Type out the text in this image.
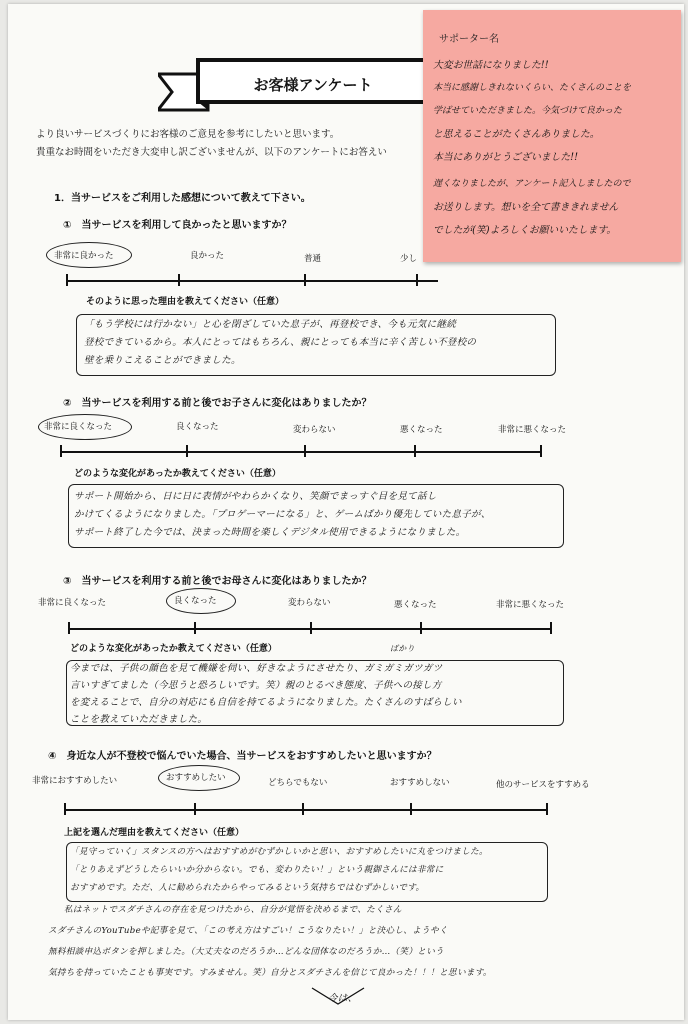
お客様アンケート
より良いサービスづくりにお客様のご意見を参考にしたいと思います。
貴重なお時間をいただき大変申し訳ございませんが、以下のアンケートにお答えい
1．当サービスをご利用した感想について教えて下さい。
①　当サービスを利用して良かったと思いますか？
非常に良かった	良かった	普通	少し
そのように思った理由を教えてください（任意）
「もう学校には行かない」と心を閉ざしていた息子が、再登校でき、今も元気に継続
登校できているから。本人にとってはもちろん、親にとっても本当に辛く苦しい不登校の
壁を乗りこえることができました。
②　当サービスを利用する前と後でお子さんに変化はありましたか？
非常に良くなった	良くなった	変わらない	悪くなった	非常に悪くなった
どのような変化があったか教えてください（任意）
サポート開始から、日に日に表情がやわらかくなり、笑顔でまっすぐ目を見て話し
かけてくるようになりました。「プロゲーマーになる」と、ゲームばかり優先していた息子が、
サポート終了した今では、決まった時間を楽しくデジタル使用できるようになりました。
③　当サービスを利用する前と後でお母さんに変化はありましたか？
非常に良くなった	良くなった	変わらない	悪くなった	非常に悪くなった
どのような変化があったか教えてください（任意）	ばかり
今までは、子供の顔色を見て機嫌を伺い、好きなようにさせたり、ガミガミガツガツ
言いすぎてました（今思うと恐ろしいです。笑）親のとるべき態度、子供への接し方
を変えることで、自分の対応にも自信を持てるようになりました。たくさんのすばらしい
ことを教えていただきました。
④　身近な人が不登校で悩んでいた場合、当サービスをおすすめしたいと思いますか？
非常におすすめしたい	おすすめしたい	どちらでもない	おすすめしない	他のサービスをすすめる
上記を選んだ理由を教えてください（任意）
「見守っていく」スタンスの方へはおすすめがむずかしいかと思い、おすすめしたいに丸をつけました。
「とりあえずどうしたらいいか分からない。でも、変わりたい！」という親御さんには非常に
おすすめです。ただ、人に勧められたからやってみるという気持ちではむずかしいです。
私はネットでスダチさんの存在を見つけたから、自分が覚悟を決めるまで、たくさん
スダチさんのYouTubeや記事を見て、「この考え方はすごい！こうなりたい！」と決心し、ようやく
無料相談申込ボタンを押しました。（大丈夫なのだろうか…どんな団体なのだろうか…（笑）という
気持ちを持っていたことも事実です。すみません。笑）自分とスダチさんを信じて良かった！！！と思います。
今は、
サポーター名
大変お世話になりました!!
本当に感謝しきれないくらい、たくさんのことを
学ばせていただきました。今気づけて良かった
と思えることがたくさんありました。
本当にありがとうございました!!
遅くなりましたが、アンケート記入しましたので
お送りします。想いを全て書ききれません
でしたが(笑)よろしくお願いいたします。
